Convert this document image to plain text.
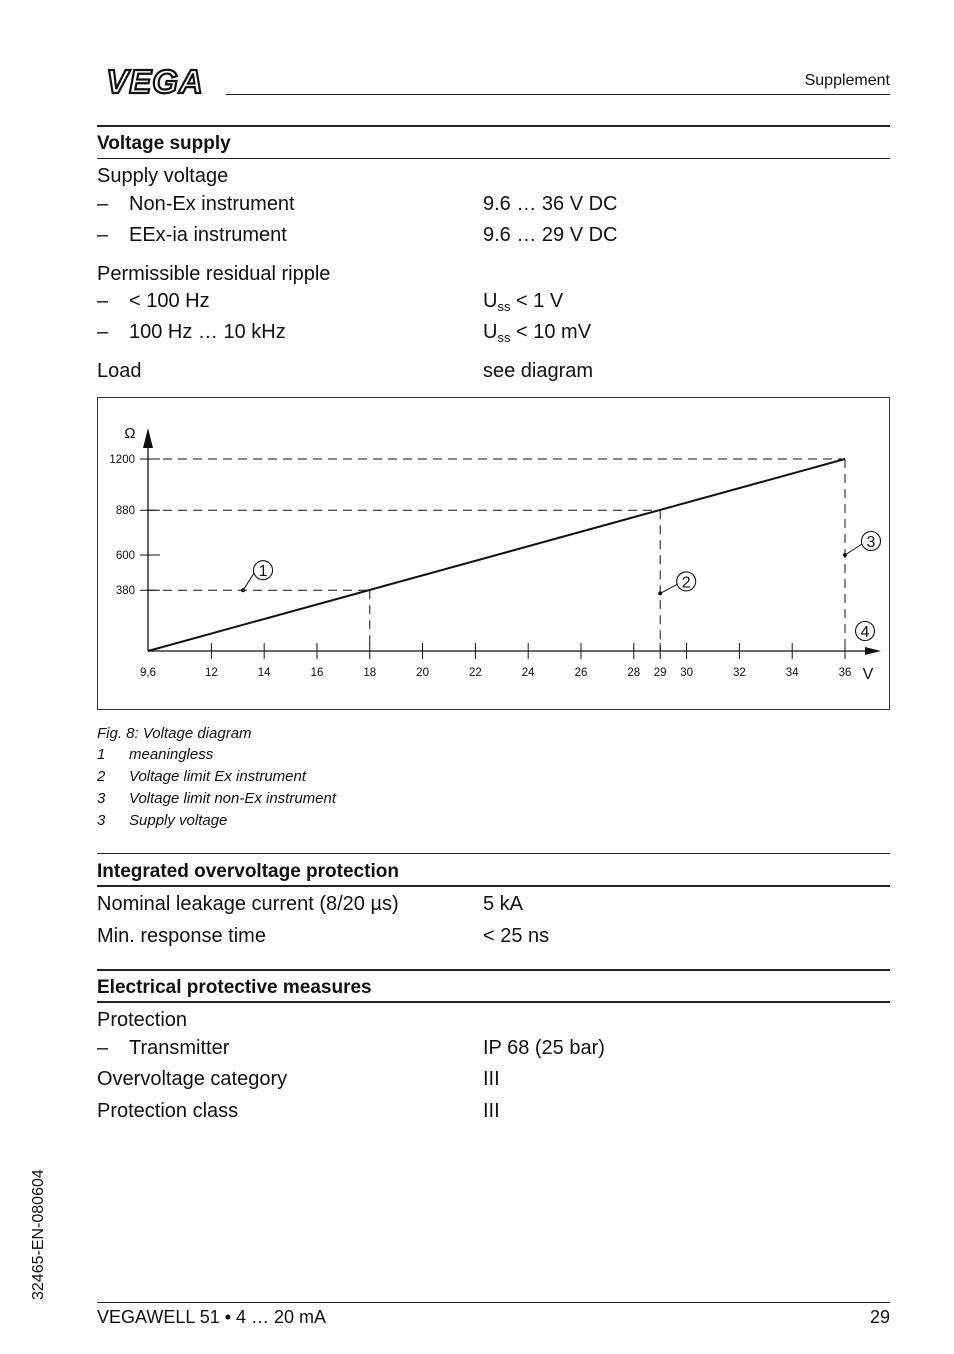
VEGA	Supplement
Voltage supply
Supply voltage
– Non-Ex instrument	9.6 … 36 V DC
– EEx-ia instrument	9.6 … 29 V DC
Permissible residual ripple
– < 100 Hz	$U_{ss} < 1$ V
– 100 Hz … 10 kHz	$U_{ss} < 10$ mV
Load	see diagram
Ω
V
9,6	12	14	16	18	20	22	24	26	28 29 30	32	34	36
1200
880
600
380
1
2
3
4
Fig. 8: Voltage diagram
1 meaningless
2 Voltage limit Ex instrument
3 Voltage limit non-Ex instrument
3 Supply voltage
Integrated overvoltage protection
Nominal leakage current (8/20 µs)	5 kA
Min. response time	< 25 ns
Electrical protective measures
Protection
– Transmitter	IP 68 (25 bar)
Overvoltage category	III
Protection class	III
32465-EN-080604
VEGAWELL 51 • 4 … 20 mA	29
